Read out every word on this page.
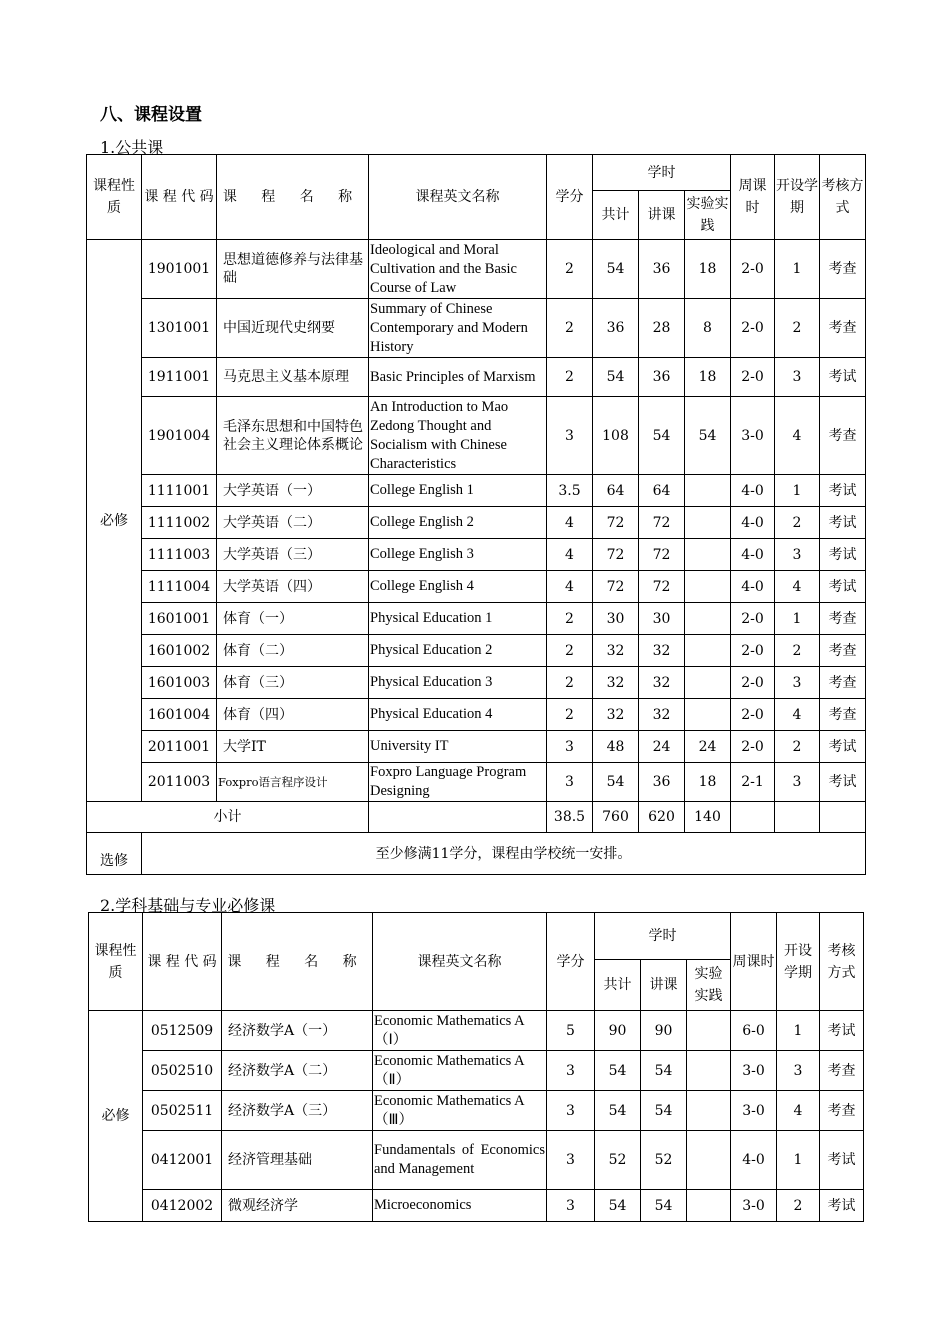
八、课程设置
1.公共课
课程性质	课 程 代 码	课 程 名 称	课程英文名称	学分	学时			周课时	开设学期	考核方式
					共计	讲课	实验实践			
必修	1901001	思想道德修养与法律基础	Ideological and Moral Cultivation and the Basic Course of Law	2	54	36	18	2-0	1	考查
	1301001	中国近现代史纲要	Summary of Chinese Contemporary and Modern History	2	36	28	8	2-0	2	考查
	1911001	马克思主义基本原理	Basic Principles of Marxism	2	54	36	18	2-0	3	考试
	1901004	毛泽东思想和中国特色社会主义理论体系概论	An Introduction to Mao Zedong Thought and Socialism with Chinese Characteristics	3	108	54	54	3-0	4	考查
	1111001	大学英语（一）	College English 1	3.5	64	64		4-0	1	考试
	1111002	大学英语（二）	College English 2	4	72	72		4-0	2	考试
	1111003	大学英语（三）	College English 3	4	72	72		4-0	3	考试
	1111004	大学英语（四）	College English 4	4	72	72		4-0	4	考试
	1601001	体育（一）	Physical Education 1	2	30	30		2-0	1	考查
	1601002	体育（二）	Physical Education 2	2	32	32		2-0	2	考查
	1601003	体育（三）	Physical Education 3	2	32	32		2-0	3	考查
	1601004	体育（四）	Physical Education 4	2	32	32		2-0	4	考查
	2011001	大学IT	University IT	3	48	24	24	2-0	2	考试
	2011003	Foxpro语言程序设计	Foxpro Language Program Designing	3	54	36	18	2-1	3	考试
小计				38.5	760	620	140			
选修	至少修满11学分，课程由学校统一安排。									
2.学科基础与专业必修课
课程性质	课 程 代 码	课 程 名 称	课程英文名称	学分	学时			周课时	开设学期	考核方式
					共计	讲课	实验实践			
必修	0512509	经济数学A（一）	Economic Mathematics A（Ⅰ）	5	90	90		6-0	1	考试
	0502510	经济数学A（二）	Economic Mathematics A（Ⅱ）	3	54	54		3-0	3	考查
	0502511	经济数学A（三）	Economic Mathematics A（Ⅲ）	3	54	54		3-0	4	考查
	0412001	经济管理基础	Fundamentals of Economics and Management	3	52	52		4-0	1	考试
	0412002	微观经济学	Microeconomics	3	54	54		3-0	2	考试
